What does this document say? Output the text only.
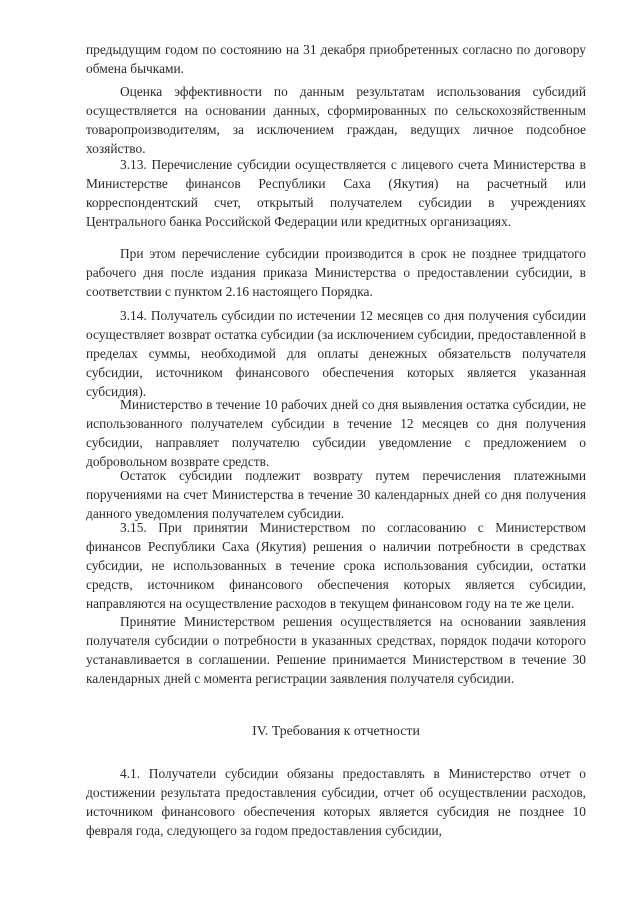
предыдущим годом по состоянию на 31 декабря приобретенных согласно по договору обмена бычками.

Оценка эффективности по данным результатам использования субсидий осуществляется на основании данных, сформированных по сельскохозяйственным товаропроизводителям, за исключением граждан, ведущих личное подсобное хозяйство.

3.13. Перечисление субсидии осуществляется с лицевого счета Министерства в Министерстве финансов Республики Саха (Якутия) на расчетный или корреспондентский счет, открытый получателем субсидии в учреждениях Центрального банка Российской Федерации или кредитных организациях.

При этом перечисление субсидии производится в срок не позднее тридцатого рабочего дня после издания приказа Министерства о предоставлении субсидии, в соответствии с пунктом 2.16 настоящего Порядка.

3.14. Получатель субсидии по истечении 12 месяцев со дня получения субсидии осуществляет возврат остатка субсидии (за исключением субсидии, предоставленной в пределах суммы, необходимой для оплаты денежных обязательств получателя субсидии, источником финансового обеспечения которых является указанная субсидия).

Министерство в течение 10 рабочих дней со дня выявления остатка субсидии, не использованного получателем субсидии в течение 12 месяцев со дня получения субсидии, направляет получателю субсидии уведомление с предложением о добровольном возврате средств.

Остаток субсидии подлежит возврату путем перечисления платежными поручениями на счет Министерства в течение 30 календарных дней со дня получения данного уведомления получателем субсидии.

3.15. При принятии Министерством по согласованию с Министерством финансов Республики Саха (Якутия) решения о наличии потребности в средствах субсидии, не использованных в течение срока использования субсидии, остатки средств, источником финансового обеспечения которых является субсидии, направляются на осуществление расходов в текущем финансовом году на те же цели.

Принятие Министерством решения осуществляется на основании заявления получателя субсидии о потребности в указанных средствах, порядок подачи которого устанавливается в соглашении. Решение принимается Министерством в течение 30 календарных дней с момента регистрации заявления получателя субсидии.

IV. Требования к отчетности

4.1. Получатели субсидии обязаны предоставлять в Министерство отчет о достижении результата предоставления субсидии, отчет об осуществлении расходов, источником финансового обеспечения которых является субсидия не позднее 10 февраля года, следующего за годом предоставления субсидии,
